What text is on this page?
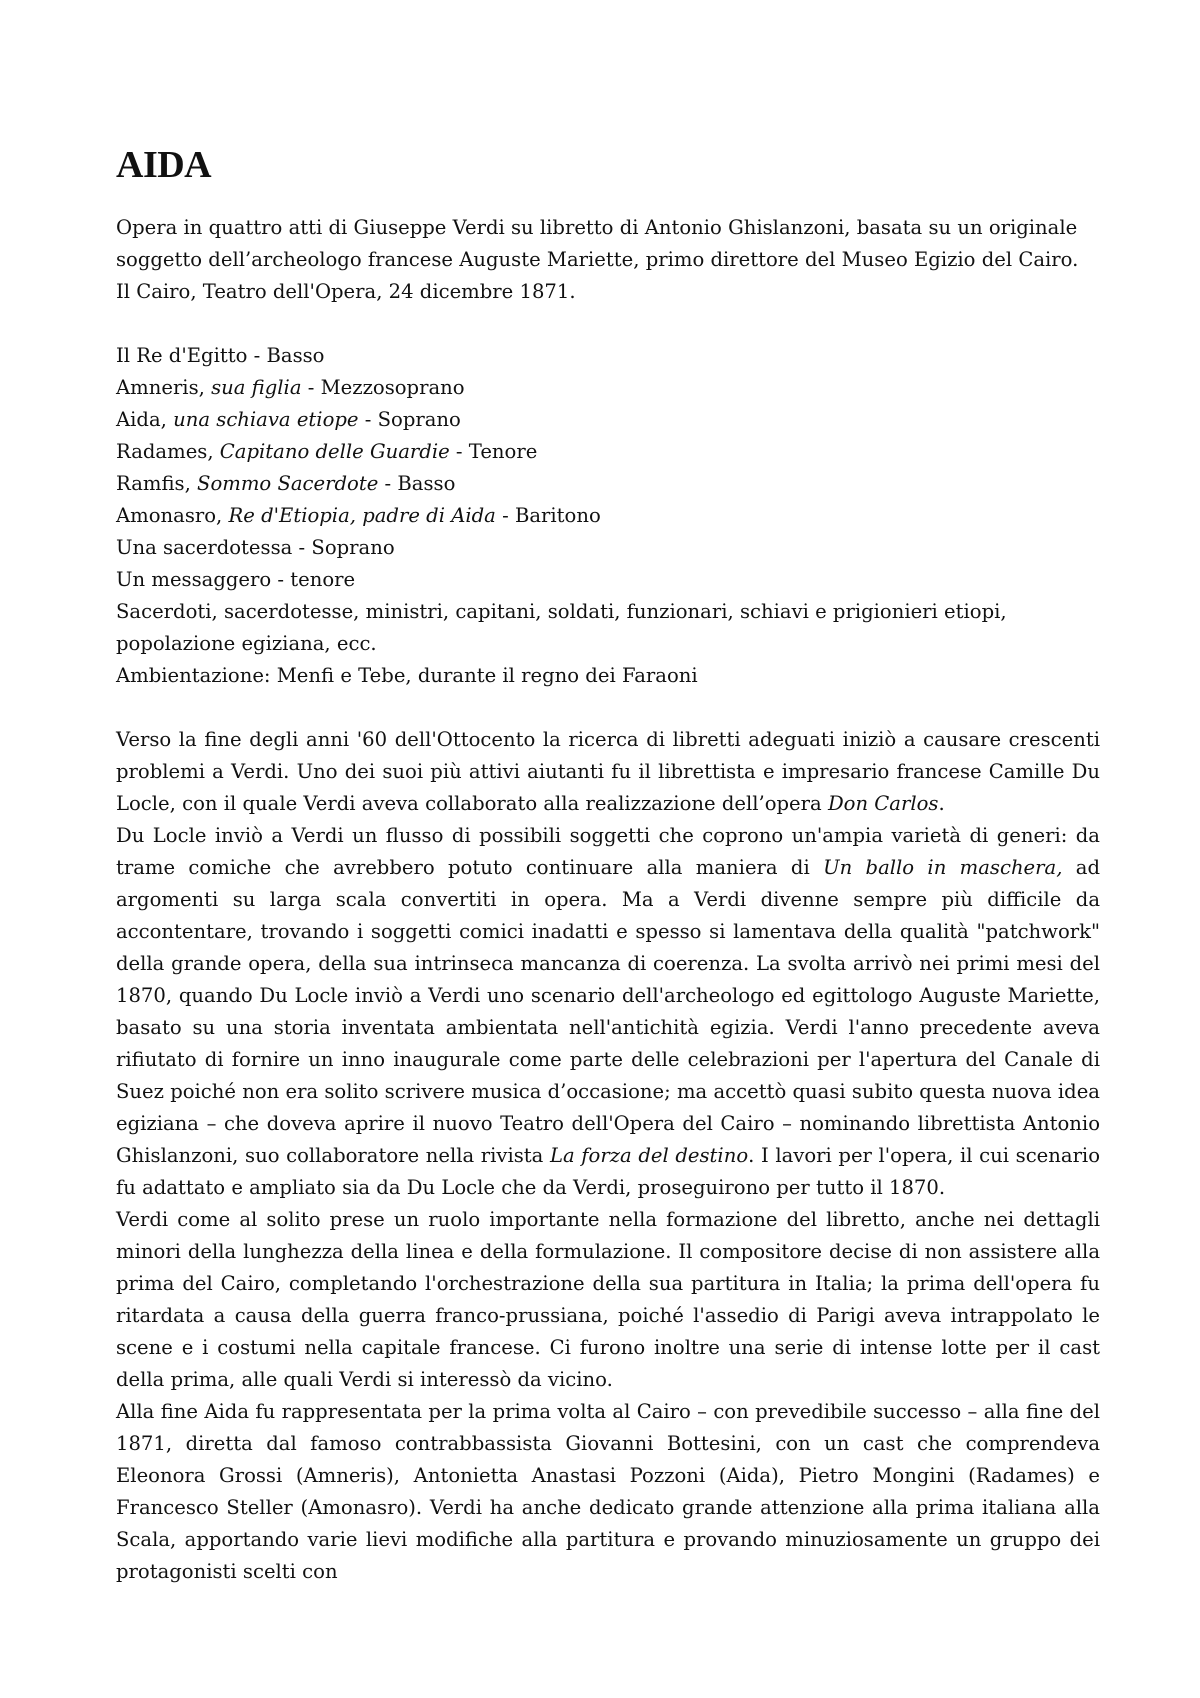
AIDA
Opera in quattro atti di Giuseppe Verdi su libretto di Antonio Ghislanzoni, basata su un originale soggetto dell’archeologo francese Auguste Mariette, primo direttore del Museo Egizio del Cairo.
Il Cairo, Teatro dell'Opera, 24 dicembre 1871.
Il Re d'Egitto - Basso
Amneris, sua figlia - Mezzosoprano
Aida, una schiava etiope - Soprano
Radames, Capitano delle Guardie - Tenore
Ramfis, Sommo Sacerdote - Basso
Amonasro, Re d'Etiopia, padre di Aida - Baritono
Una sacerdotessa - Soprano
Un messaggero - tenore
Sacerdoti, sacerdotesse, ministri, capitani, soldati, funzionari, schiavi e prigionieri etiopi, popolazione egiziana, ecc.
Ambientazione: Menfi e Tebe, durante il regno dei Faraoni

Verso la fine degli anni '60 dell'Ottocento la ricerca di libretti adeguati iniziò a causare crescenti problemi a Verdi. Uno dei suoi più attivi aiutanti fu il librettista e impresario francese Camille Du Locle, con il quale Verdi aveva collaborato alla realizzazione dell’opera Don Carlos.

Du Locle inviò a Verdi un flusso di possibili soggetti che coprono un'ampia varietà di generi: da trame comiche che avrebbero potuto continuare alla maniera di Un ballo in maschera, ad argomenti su larga scala convertiti in opera. Ma a Verdi divenne sempre più difficile da accontentare, trovando i soggetti comici inadatti e spesso si lamentava della qualità "patchwork" della grande opera, della sua intrinseca mancanza di coerenza. La svolta arrivò nei primi mesi del 1870, quando Du Locle inviò a Verdi uno scenario dell'archeologo ed egittologo Auguste Mariette, basato su una storia inventata ambientata nell'antichità egizia. Verdi l'anno precedente aveva rifiutato di fornire un inno inaugurale come parte delle celebrazioni per l'apertura del Canale di Suez poiché non era solito scrivere musica d’occasione; ma accettò quasi subito questa nuova idea egiziana – che doveva aprire il nuovo Teatro dell'Opera del Cairo – nominando librettista Antonio Ghislanzoni, suo collaboratore nella rivista La forza del destino. I lavori per l'opera, il cui scenario fu adattato e ampliato sia da Du Locle che da Verdi, proseguirono per tutto il 1870.

Verdi come al solito prese un ruolo importante nella formazione del libretto, anche nei dettagli minori della lunghezza della linea e della formulazione. Il compositore decise di non assistere alla prima del Cairo, completando l'orchestrazione della sua partitura in Italia; la prima dell'opera fu ritardata a causa della guerra franco-prussiana, poiché l'assedio di Parigi aveva intrappolato le scene e i costumi nella capitale francese. Ci furono inoltre una serie di intense lotte per il cast della prima, alle quali Verdi si interessò da vicino.

Alla fine Aida fu rappresentata per la prima volta al Cairo – con prevedibile successo – alla fine del 1871, diretta dal famoso contrabbassista Giovanni Bottesini, con un cast che comprendeva Eleonora Grossi (Amneris), Antonietta Anastasi Pozzoni (Aida), Pietro Mongini (Radames) e Francesco Steller (Amonasro). Verdi ha anche dedicato grande attenzione alla prima italiana alla Scala, apportando varie lievi modifiche alla partitura e provando minuziosamente un gruppo dei protagonisti scelti con
